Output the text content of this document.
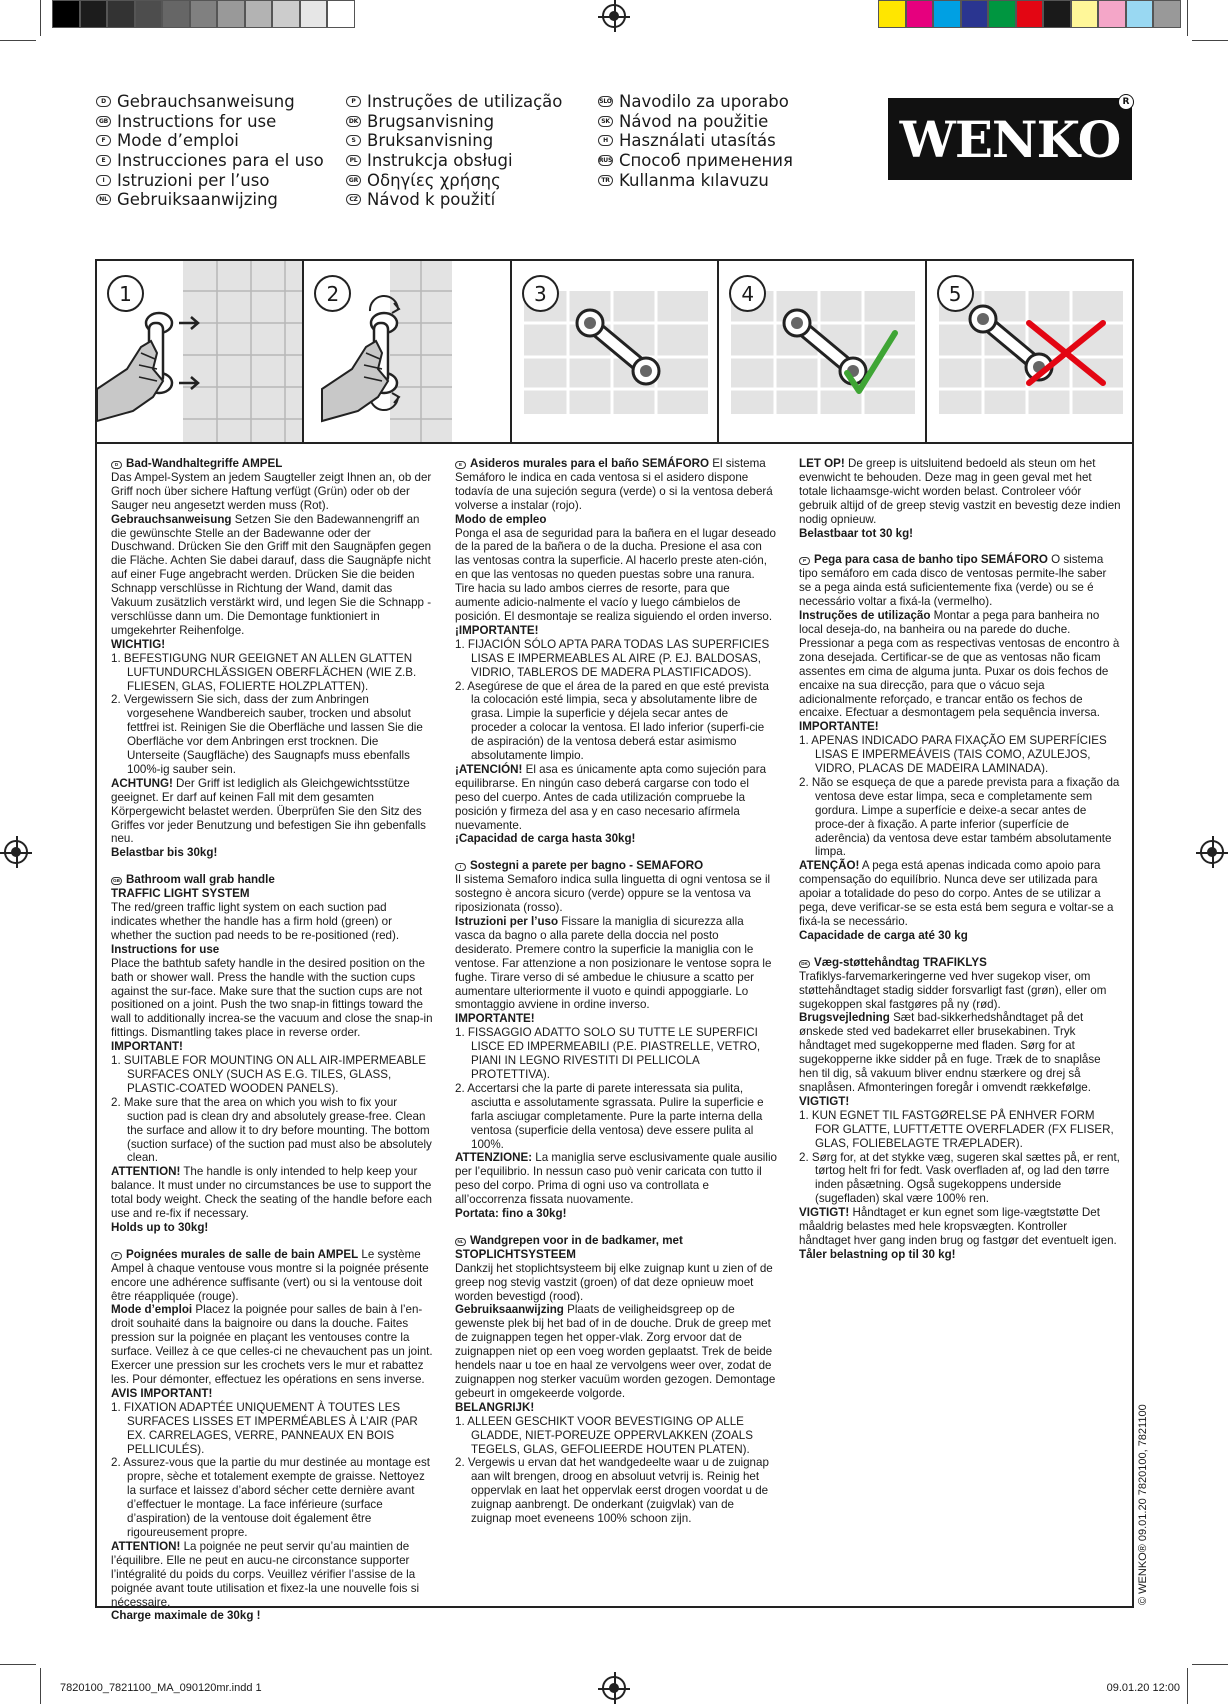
D Gebrauchsanweisung
GB Instructions for use
F Mode d’emploi
E Instrucciones para el uso
I Istruzioni per l’uso
NL Gebruiksaanwijzing
P Instruções de utilização
DK Brugsanvisning
S Bruksanvisning
PL Instrukcja obsługi
GR Οδηγίες χρήσης
CZ Návod k použití
SLO Navodilo za uporabo
SK Návod na použitie
H Használati utasítás
RUS Способ применения
TR Kullanma kılavuzu
WENKO
R
1	2	3	4	5

D Bad-Wandhaltegriffe AMPEL

Das Ampel-System an jedem Saugteller zeigt Ihnen an, ob der Griff noch über sichere Haftung verfügt (Grün) oder ob der Sauger neu angesetzt werden muss (Rot).

Gebrauchsanweisung Setzen Sie den Badewannengriff an die gewünschte Stelle an der Badewanne oder der Duschwand. Drücken Sie den Griff mit den Saugnäpfen gegen die Fläche. Achten Sie dabei darauf, dass die Saugnäpfe nicht auf einer Fuge angebracht werden. Drücken Sie die beiden Schnapp verschlüsse in Richtung der Wand, damit das Vakuum zusätzlich verstärkt wird, und legen Sie die Schnapp -verschlüsse dann um. Die Demontage funktioniert in umgekehrter Reihenfolge.

WICHTIG!

1. BEFESTIGUNG NUR GEEIGNET AN ALLEN GLATTEN LUFTUNDURCHLÄSSIGEN OBERFLÄCHEN (WIE Z.B. FLIESEN, GLAS, FOLIERTE HOLZPLATTEN).
2. Vergewissern Sie sich, dass der zum Anbringen vorgesehene Wandbereich sauber, trocken und absolut fettfrei ist. Reinigen Sie die Oberfläche und lassen Sie die Oberfläche vor dem Anbringen erst trocknen. Die Unterseite (Saugfläche) des Saugnapfs muss ebenfalls 100%-ig sauber sein.

ACHTUNG! Der Griff ist lediglich als Gleichgewichtsstütze geeignet. Er darf auf keinen Fall mit dem gesamten Körpergewicht belastet werden. Überprüfen Sie den Sitz des Griffes vor jeder Benutzung und befestigen Sie ihn gebenfalls neu.

Belastbar bis 30kg!

GB Bathroom wall grab handle

TRAFFIC LIGHT SYSTEM

The red/green traffic light system on each suction pad indicates whether the handle has a firm hold (green) or whether the suction pad needs to be re-positioned (red).

Instructions for use

Place the bathtub safety handle in the desired position on the bath or shower wall. Press the handle with the suction cups against the sur-face. Make sure that the suction cups are not positioned on a joint. Push the two snap-in fittings toward the wall to additionally increa-se the vacuum and close the snap-in fittings. Dismantling takes place in reverse order.

IMPORTANT!

1. SUITABLE FOR MOUNTING ON ALL AIR-IMPERMEABLE SURFACES ONLY (SUCH AS E.G. TILES, GLASS, PLASTIC-COATED WOODEN PANELS).
2. Make sure that the area on which you wish to fix your suction pad is clean dry and absolutely grease-free. Clean the surface and allow it to dry before mounting. The bottom (suction surface) of the suction pad must also be absolutely clean.

ATTENTION! The handle is only intended to help keep your balance. It must under no circumstances be use to support the total body weight. Check the seating of the handle before each use and re-fix if necessary.

Holds up to 30kg!

F Poignées murales de salle de bain AMPEL Le système Ampel à chaque ventouse vous montre si la poignée présente encore une adhérence suffisante (vert) ou si la ventouse doit être réappliquée (rouge).

Mode d’emploi Placez la poignée pour salles de bain à l’en-droit souhaité dans la baignoire ou dans la douche. Faites pression sur la poignée en plaçant les ventouses contre la surface. Veillez à ce que celles-ci ne chevauchent pas un joint. Exercer une pression sur les crochets vers le mur et rabattez les. Pour démonter, effectuez les opérations en sens inverse.

AVIS IMPORTANT!

1. FIXATION ADAPTÉE UNIQUEMENT À TOUTES LES SURFACES LISSES ET IMPERMÉABLES À L’AIR (PAR EX. CARRELAGES, VERRE, PANNEAUX EN BOIS PELLICULÉS).
2. Assurez-vous que la partie du mur destinée au montage est propre, sèche et totalement exempte de graisse. Nettoyez la surface et laissez d’abord sécher cette dernière avant d’effectuer le montage. La face inférieure (surface d’aspiration) de la ventouse doit également être rigoureusement propre.

ATTENTION! La poignée ne peut servir qu’au maintien de l’équilibre. Elle ne peut en aucu-ne circonstance supporter l’intégralité du poids du corps. Veuillez vérifier l’assise de la poignée avant toute utilisation et fixez-la une nouvelle fois si nécessaire.

Charge maximale de 30kg !

E Asideros murales para el baño SEMÁFORO El sistema Semáforo le indica en cada ventosa si el asidero dispone todavía de una sujeción segura (verde) o si la ventosa deberá volverse a instalar (rojo).

Modo de empleo

Ponga el asa de seguridad para la bañera en el lugar deseado de la pared de la bañera o de la ducha. Presione el asa con las ventosas contra la superficie. Al hacerlo preste aten-ción, en que las ventosas no queden puestas sobre una ranura. Tire hacia su lado ambos cierres de resorte, para que aumente adicio-nalmente el vacío y luego cámbielos de posición. El desmontaje se realiza siguiendo el orden inverso.

¡IMPORTANTE!

1. FIJACIÓN SÓLO APTA PARA TODAS LAS SUPERFICIES LISAS E IMPERMEABLES AL AIRE (P. EJ. BALDOSAS, VIDRIO, TABLEROS DE MADERA PLASTIFICADOS).
2. Asegúrese de que el área de la pared en que esté prevista la colocación esté limpia, seca y absolutamente libre de grasa. Limpie la superficie y déjela secar antes de proceder a colocar la ventosa. El lado inferior (superfi-cie de aspiración) de la ventosa deberá estar asimismo absolutamente limpio.

¡ATENCIÓN! El asa es únicamente apta como sujeción para equilibrarse. En ningún caso deberá cargarse con todo el peso del cuerpo. Antes de cada utilización compruebe la posición y firmeza del asa y en caso necesario afírmela nuevamente.

¡Capacidad de carga hasta 30kg!

I Sostegni a parete per bagno - SEMAFORO

Il sistema Semaforo indica sulla linguetta di ogni ventosa se il sostegno è ancora sicuro (verde) oppure se la ventosa va riposizionata (rosso).

Istruzioni per l’uso Fissare la maniglia di sicurezza alla vasca da bagno o alla parete della doccia nel posto desiderato. Premere contro la superficie la maniglia con le ventose. Far attenzione a non posizionare le ventose sopra le fughe. Tirare verso di sé ambedue le chiusure a scatto per aumentare ulteriormente il vuoto e quindi appoggiarle. Lo smontaggio avviene in ordine inverso.

IMPORTANTE!

1. FISSAGGIO ADATTO SOLO SU TUTTE LE SUPERFICI LISCE ED IMPERMEABILI (P.E. PIASTRELLE, VETRO, PIANI IN LEGNO RIVESTITI DI PELLICOLA PROTETTIVA).
2. Accertarsi che la parte di parete interessata sia pulita, asciutta e assolutamente sgrassata. Pulire la superficie e farla asciugar completamente. Pure la parte interna della ventosa (superficie della ventosa) deve essere pulita al 100%.

ATTENZIONE: La maniglia serve esclusivamente quale ausilio per l’equilibrio. In nessun caso può venir caricata con tutto il peso del corpo. Prima di ogni uso va controllata e all’occorrenza fissata nuovamente.

Portata: fino a 30kg!

NL Wandgrepen voor in de badkamer, met

STOPLICHTSYSTEEM

Dankzij het stoplichtsysteem bij elke zuignap kunt u zien of de greep nog stevig vastzit (groen) of dat deze opnieuw moet worden bevestigd (rood).

Gebruiksaanwijzing Plaats de veiligheidsgreep op de gewenste plek bij het bad of in de douche. Druk de greep met de zuignappen tegen het opper-vlak. Zorg ervoor dat de zuignappen niet op een voeg worden geplaatst. Trek de beide hendels naar u toe en haal ze vervolgens weer over, zodat de zuignappen nog sterker vacuüm worden gezogen. Demontage gebeurt in omgekeerde volgorde.

BELANGRIJK!

1. ALLEEN GESCHIKT VOOR BEVESTIGING OP ALLE GLADDE, NIET-POREUZE OPPERVLAKKEN (ZOALS TEGELS, GLAS, GEFOLIEERDE HOUTEN PLATEN).
2. Vergewis u ervan dat het wandgedeelte waar u de zuignap aan wilt brengen, droog en absoluut vetvrij is. Reinig het oppervlak en laat het oppervlak eerst drogen voordat u de zuignap aanbrengt. De onderkant (zuigvlak) van de zuignap moet eveneens 100% schoon zijn.

LET OP! De greep is uitsluitend bedoeld als steun om het evenwicht te behouden. Deze mag in geen geval met het totale lichaamsge-wicht worden belast. Controleer vóór gebruik altijd of de greep stevig vastzit en bevestig deze indien nodig opnieuw.

Belastbaar tot 30 kg!

P Pega para casa de banho tipo SEMÁFORO O sistema tipo semáforo em cada disco de ventosas permite-lhe saber se a pega ainda está suficientemente fixa (verde) ou se é necessário voltar a fixá-la (vermelho).

Instruções de utilização Montar a pega para banheira no local deseja-do, na banheira ou na parede do duche. Pressionar a pega com as respectivas ventosas de encontro à zona desejada. Certificar-se de que as ventosas não ficam assentes em cima de alguma junta. Puxar os dois fechos de encaixe na sua direcção, para que o vácuo seja adicionalmente reforçado, e trancar então os fechos de encaixe. Efectuar a desmontagem pela sequência inversa.

IMPORTANTE!

1. APENAS INDICADO PARA FIXAÇÃO EM SUPERFÍCIES LISAS E IMPERMEÁVEIS (TAIS COMO, AZULEJOS, VIDRO, PLACAS DE MADEIRA LAMINADA).
2. Não se esqueça de que a parede prevista para a fixação da ventosa deve estar limpa, seca e completamente sem gordura. Limpe a superfície e deixe-a secar antes de proce-der à fixação. A parte inferior (superfície de aderência) da ventosa deve estar também absolutamente limpa.

ATENÇÃO! A pega está apenas indicada como apoio para compensação do equilíbrio. Nunca deve ser utilizada para apoiar a totalidade do peso do corpo. Antes de se utilizar a pega, deve verificar-se se esta está bem segura e voltar-se a fixá-la se necessário.

Capacidade de carga até 30 kg

DK Væg-støttehåndtag TRAFIKLYS

Trafiklys-farvemarkeringerne ved hver sugekop viser, om støttehåndtaget stadig sidder forsvarligt fast (grøn), eller om sugekoppen skal fastgøres på ny (rød).

Brugsvejledning Sæt bad-sikkerhedshåndtaget på det ønskede sted ved badekarret eller brusekabinen. Tryk håndtaget med sugekopperne med fladen. Sørg for at sugekopperne ikke sidder på en fuge. Træk de to snaplåse hen til dig, så vakuum bliver endnu stærkere og drej så snaplåsen. Afmonteringen foregår i omvendt rækkefølge.

VIGTIGT!

1. KUN EGNET TIL FASTGØRELSE PÅ ENHVER FORM FOR GLATTE, LUFTTÆTTE OVERFLADER (FX FLISER, GLAS, FOLIEBELAGTE TRÆPLADER).
2. Sørg for, at det stykke væg, sugeren skal sættes på, er rent, tørtog helt fri for fedt. Vask overfladen af, og lad den tørre inden påsætning. Også sugekoppens underside (sugefladen) skal være 100% ren.

VIGTIGT! Håndtaget er kun egnet som lige-vægtstøtte Det måaldrig belastes med hele kropsvægten. Kontroller håndtaget hver gang inden brug og fastgør det eventuelt igen.

Tåler belastning op til 30 kg!

© WENKO® 09.01.20 7820100, 7821100
7820100_7821100_MA_090120mr.indd 1	09.01.20 12:00
